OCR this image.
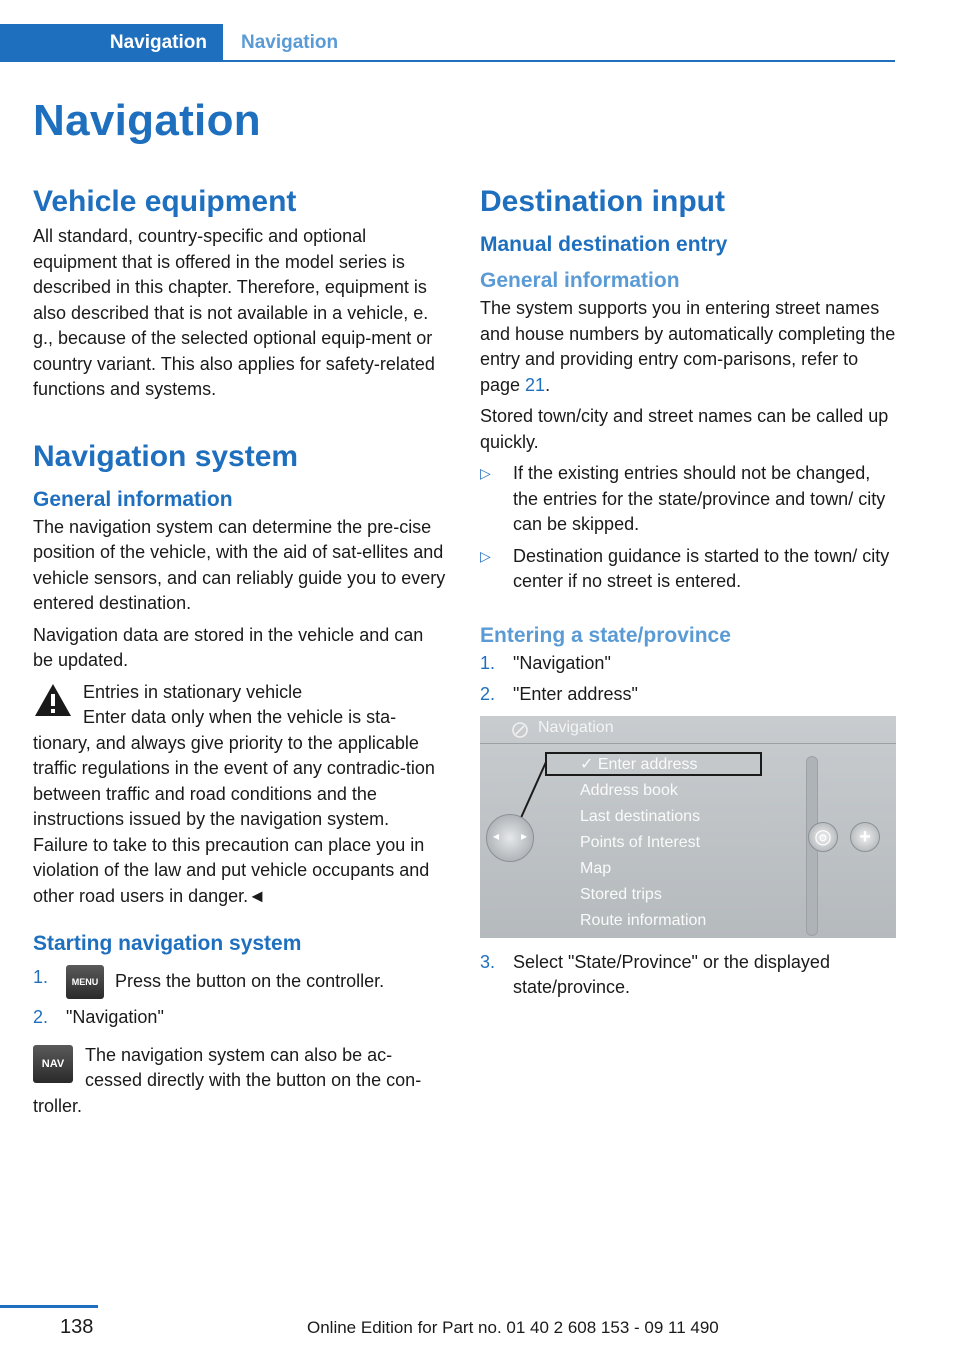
Navigation	Navigation
Navigation
Vehicle equipment

All standard, country-specific and optional equipment that is offered in the model series is described in this chapter. Therefore, equipment is also described that is not available in a vehicle, e. g., because of the selected optional equip-ment or country variant. This also applies for safety-related functions and systems.

Navigation system
General information

The navigation system can determine the pre-cise position of the vehicle, with the aid of sat-ellites and vehicle sensors, and can reliably guide you to every entered destination.

Navigation data are stored in the vehicle and can be updated.

Entries in stationary vehicle

Enter data only when the vehicle is sta-tionary, and always give priority to the applicable traffic regulations in the event of any contradic-tion between traffic and road conditions and the instructions issued by the navigation system. Failure to take to this precaution can place you in violation of the law and put vehicle occupants and other road users in danger.◄

Starting navigation system
1.	MENU Press the button on the controller.
2. "Navigation"
NAV	The navigation system can also be ac-cessed directly with the button on the con-troller.

Destination input
Manual destination entry
General information

The system supports you in entering street names and house numbers by automatically completing the entry and providing entry com-parisons, refer to page 21.

Stored town/city and street names can be called up quickly.

▷ If the existing entries should not be changed, the entries for the state/province and town/ city can be skipped.
▷ Destination guidance is started to the town/ city center if no street is entered.
Entering a state/province
1. "Navigation"
2. "Enter address"
Navigation
◂ ▸
✓ Enter address
Address book
Last destinations
Points of Interest
Map
Stored trips
Route information
◎	+
3. Select "State/Province" or the displayed state/province.
138	Online Edition for Part no. 01 40 2 608 153 - 09 11 490
